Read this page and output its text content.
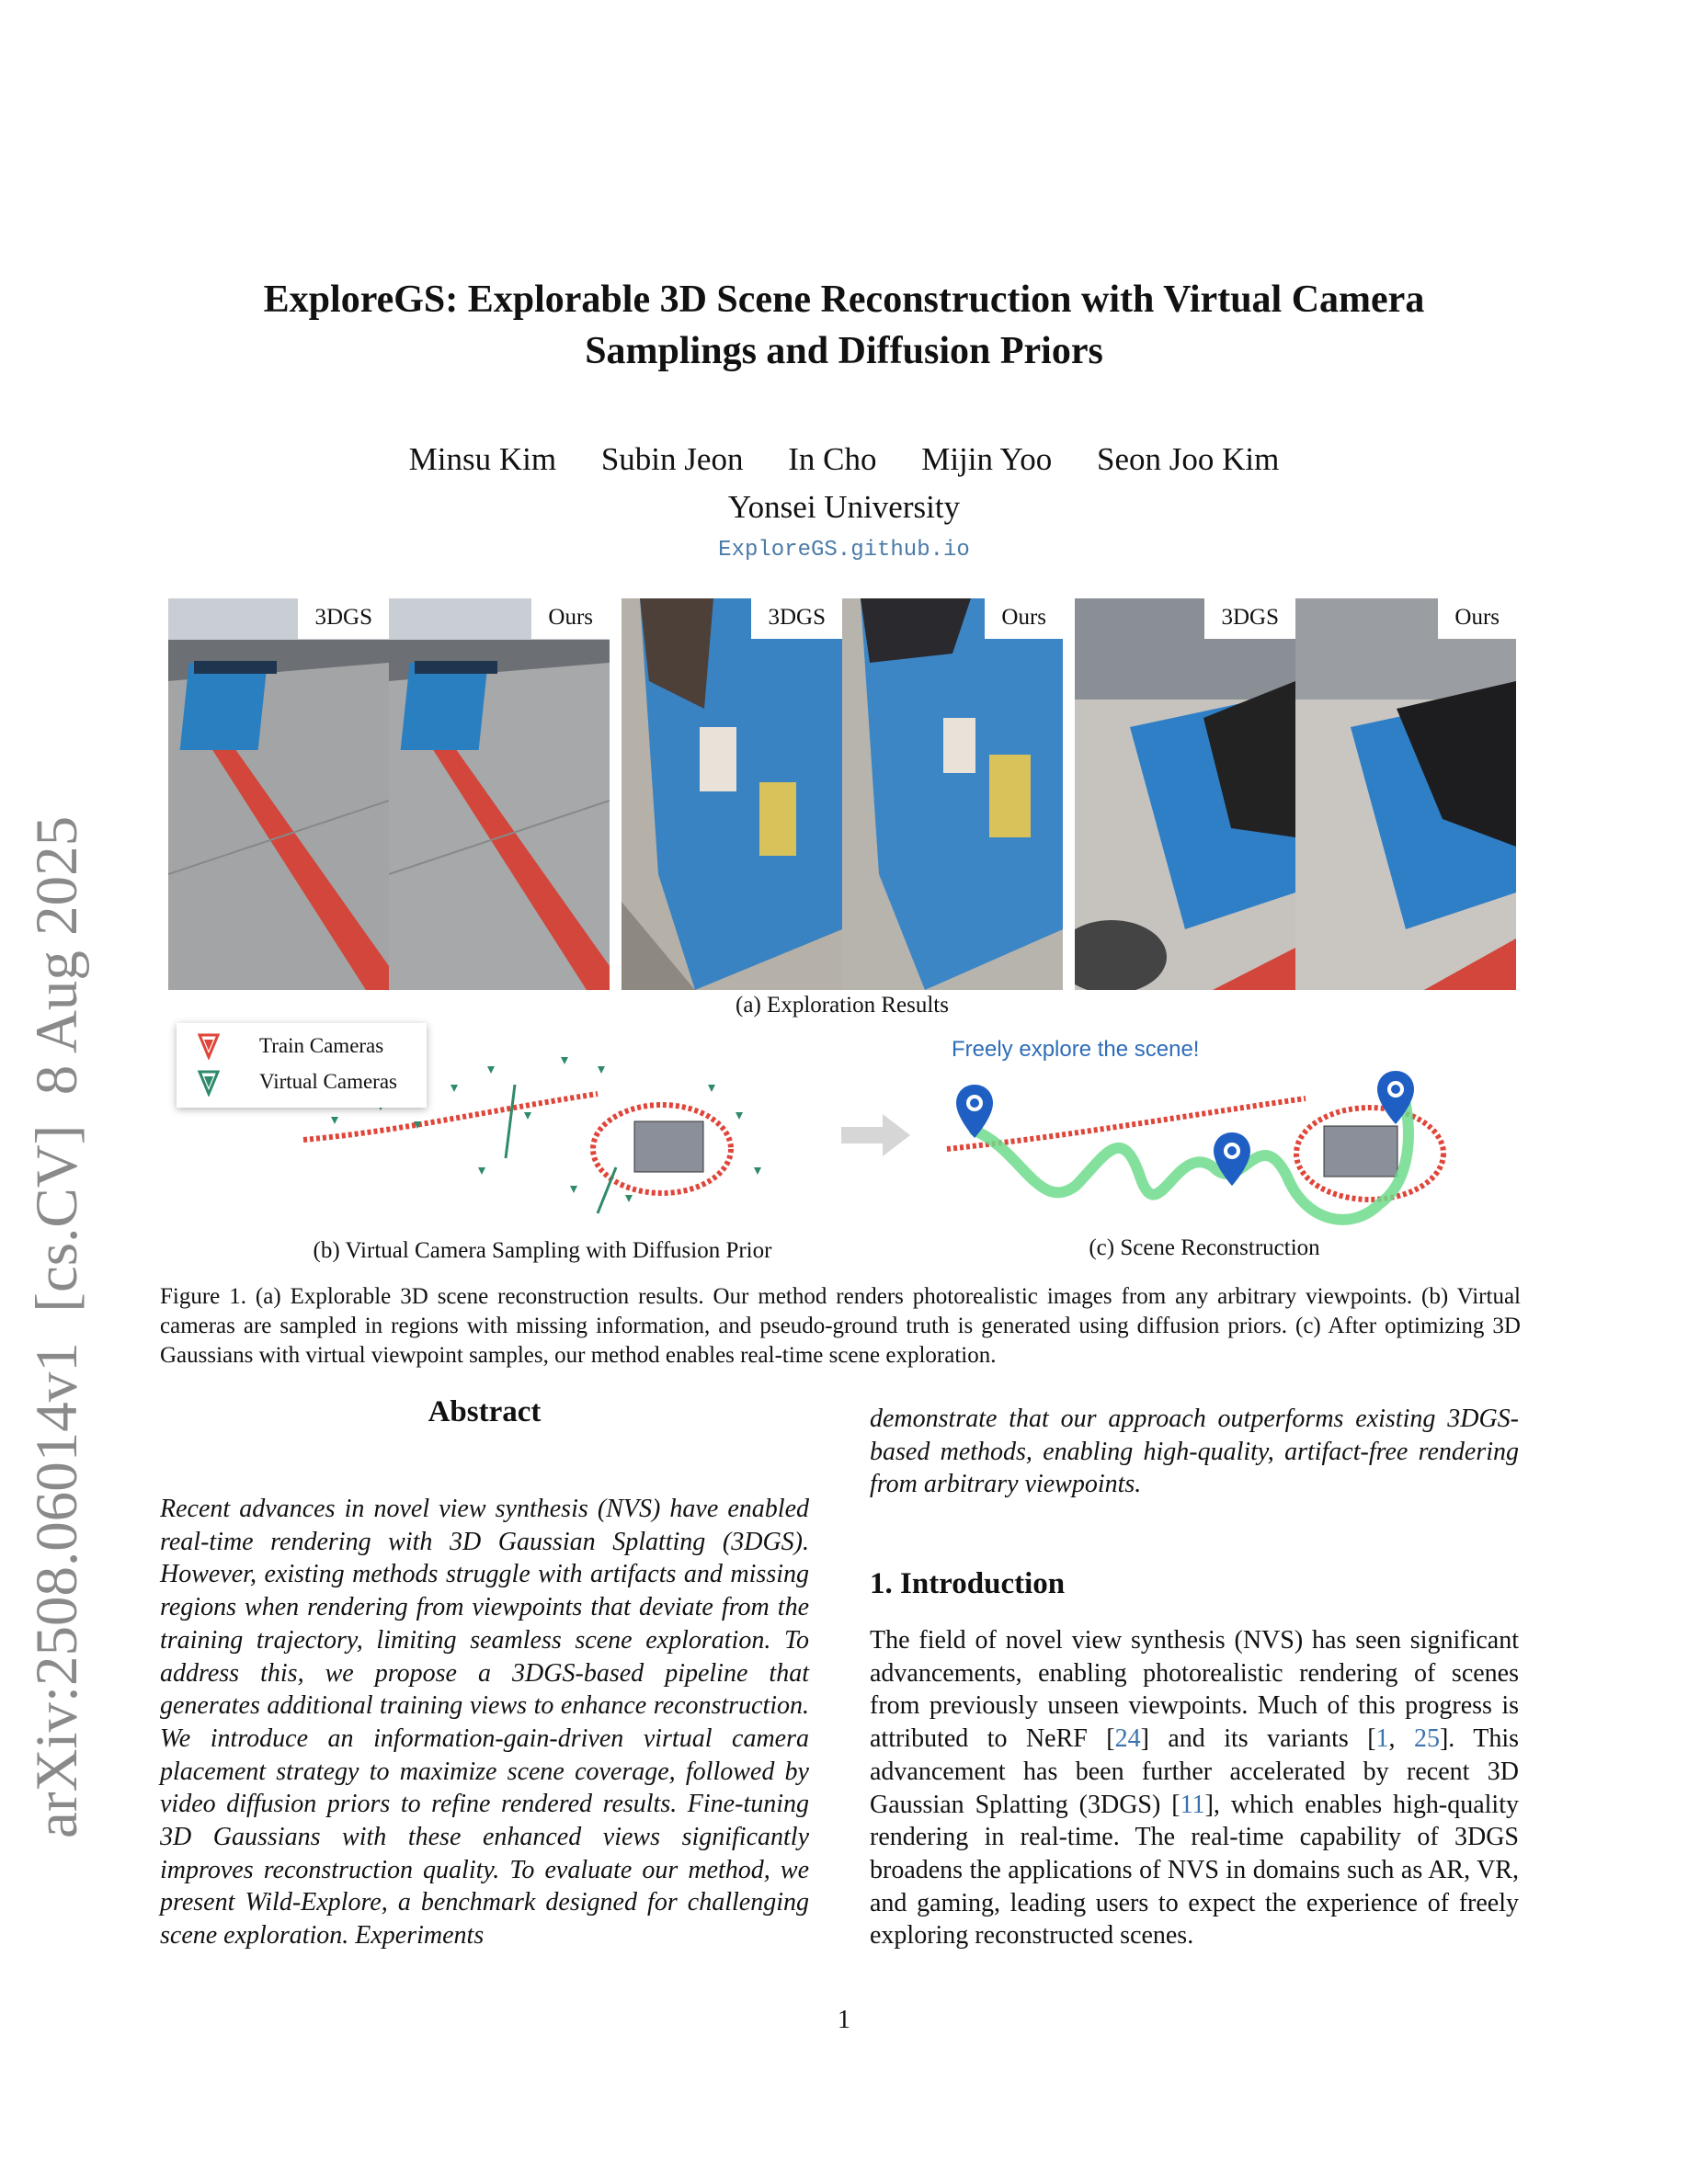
arXiv:2508.06014v1  [cs.CV]  8 Aug 2025
ExploreGS: Explorable 3D Scene Reconstruction with Virtual Camera
Samplings and Diffusion Priors
Minsu Kim Subin Jeon In Cho Mijin Yoo Seon Joo Kim
Yonsei University
ExploreGS.github.io
3DGS	Ours	3DGS	Ours	3DGS	Ours
(a) Exploration Results
Train Cameras
Virtual Cameras
(b) Virtual Camera Sampling with Diffusion Prior
Freely explore the scene!
(c) Scene Reconstruction
Figure 1. (a) Explorable 3D scene reconstruction results. Our method renders photorealistic images from any arbitrary viewpoints. (b) Virtual cameras are sampled in regions with missing information, and pseudo-ground truth is generated using diffusion priors. (c) After optimizing 3D Gaussians with virtual viewpoint samples, our method enables real-time scene exploration.
Abstract
Recent advances in novel view synthesis (NVS) have enabled real-time rendering with 3D Gaussian Splatting (3DGS). However, existing methods struggle with artifacts and missing regions when rendering from viewpoints that deviate from the training trajectory, limiting seamless scene exploration. To address this, we propose a 3DGS-based pipeline that generates additional training views to enhance reconstruction. We introduce an information-gain-driven virtual camera placement strategy to maximize scene coverage, followed by video diffusion priors to refine rendered results. Fine-tuning 3D Gaussians with these enhanced views significantly improves reconstruction quality. To evaluate our method, we present Wild-Explore, a benchmark designed for challenging scene exploration. Experiments
demonstrate that our approach outperforms existing 3DGS-based methods, enabling high-quality, artifact-free rendering from arbitrary viewpoints.
1. Introduction
The field of novel view synthesis (NVS) has seen significant advancements, enabling photorealistic rendering of scenes from previously unseen viewpoints. Much of this progress is attributed to NeRF [24] and its variants [1, 25]. This advancement has been further accelerated by recent 3D Gaussian Splatting (3DGS) [11], which enables high-quality rendering in real-time. The real-time capability of 3DGS broadens the applications of NVS in domains such as AR, VR, and gaming, leading users to expect the experience of freely exploring reconstructed scenes.
1
